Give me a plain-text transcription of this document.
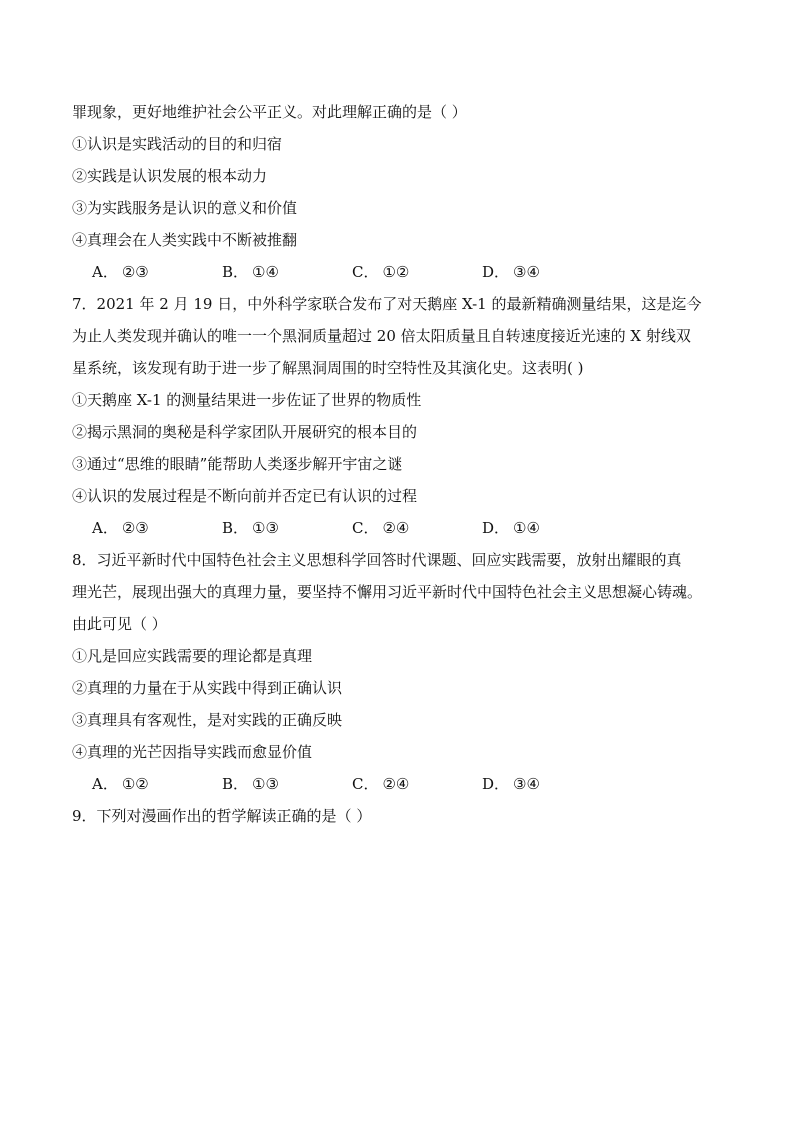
罪现象，更好地维护社会公平正义。对此理解正确的是（ ）
①认识是实践活动的目的和归宿
②实践是认识发展的根本动力
③为实践服务是认识的意义和价值
④真理会在人类实践中不断被推翻
A． ②③	B． ①④	C． ①②	D． ③④
7．2021 年 2 月 19 日，中外科学家联合发布了对天鹅座 X-1 的最新精确测量结果，这是迄今
为止人类发现并确认的唯一一个黑洞质量超过 20 倍太阳质量且自转速度接近光速的 X 射线双
星系统，该发现有助于进一步了解黑洞周围的时空特性及其演化史。这表明( )
①天鹅座 X-1 的测量结果进一步佐证了世界的物质性
②揭示黑洞的奥秘是科学家团队开展研究的根本目的
③通过“思维的眼睛”能帮助人类逐步解开宇宙之谜
④认识的发展过程是不断向前并否定已有认识的过程
A． ②③	B． ①③	C． ②④	D． ①④
8．习近平新时代中国特色社会主义思想科学回答时代课题、回应实践需要，放射出耀眼的真
理光芒，展现出强大的真理力量，要坚持不懈用习近平新时代中国特色社会主义思想凝心铸魂。
由此可见（ ）
①凡是回应实践需要的理论都是真理
②真理的力量在于从实践中得到正确认识
③真理具有客观性，是对实践的正确反映
④真理的光芒因指导实践而愈显价值
A． ①②	B． ①③	C． ②④	D． ③④
9．下列对漫画作出的哲学解读正确的是（ ）
